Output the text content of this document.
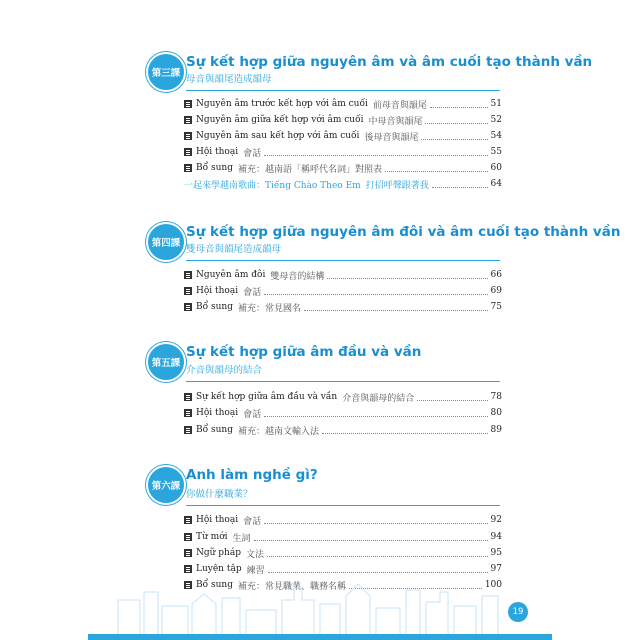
第三課
Sự kết hợp giữa nguyên âm và âm cuối tạo thành vần
母音與韻尾造成韻母
Nguyên âm trước kết hợp với âm cuối 前母音與韻尾	51
Nguyên âm giữa kết hợp với âm cuối 中母音與韻尾	52
Nguyên âm sau kết hợp với âm cuối 後母音與韻尾	54
Hội thoại 會話	55
Bổ sung 補充：越南語「稱呼代名詞」對照表	60
一起來學越南歌曲：Tiếng Chào Theo Em 打招呼聲跟著我	64
第四課
Sự kết hợp giữa nguyên âm đôi và âm cuối tạo thành vần
雙母音與韻尾造成韻母
Nguyên âm đôi 雙母音的結構	66
Hội thoại 會話	69
Bổ sung 補充：常見國名	75
第五課
Sự kết hợp giữa âm đầu và vần
介音與韻母的結合
Sự kết hợp giữa âm đầu và vần 介音與韻母的結合	78
Hội thoại 會話	80
Bổ sung 補充：越南文輸入法	89
第六課
Anh làm nghề gì?
你做什麼職業？
Hội thoại 會話	92
Từ mới 生詞	94
Ngữ pháp 文法	95
Luyện tập 練習	97
Bổ sung 補充：常見職業、職務名稱	100
19
